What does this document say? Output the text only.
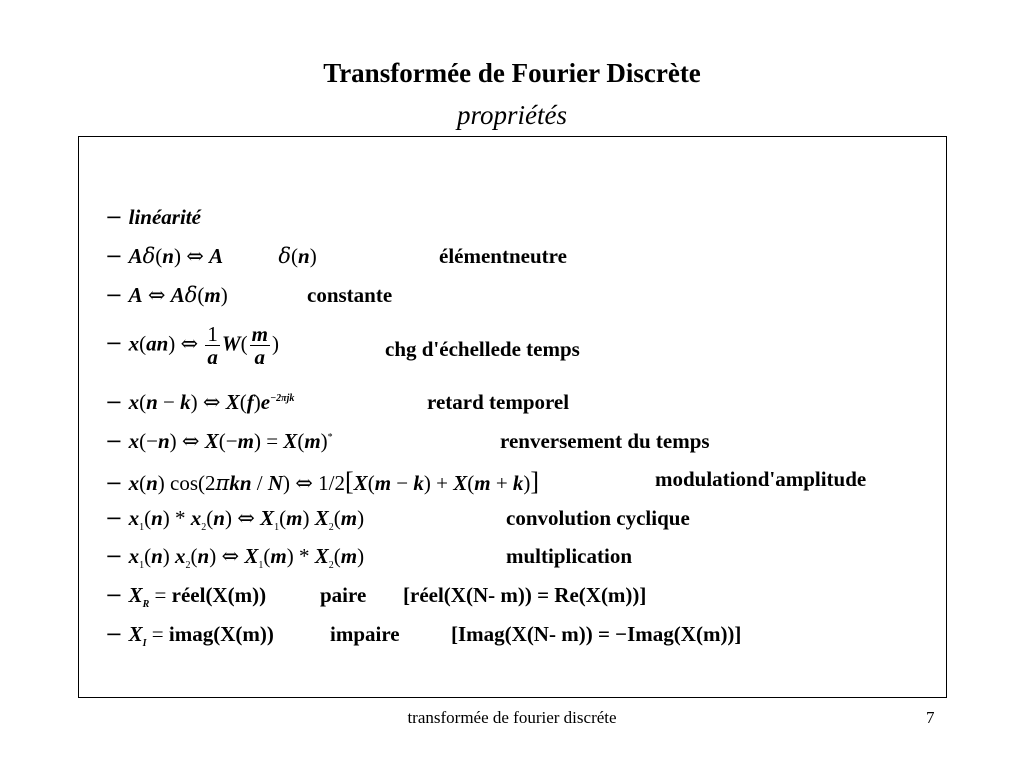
Transformée de Fourier Discrète
propriétés
− linéarité
− Aδ(n) ⇔ A	δ(n)	élémentneutre
− A ⇔ Aδ(m)	constante
− x(an) ⇔ $\frac{1}{a} W( \frac{m}{a}$ )	chg d'échellede temps
− x(n − k) ⇔ $X(f)e^{-2\pi jk}$	retard temporel
− x(−n) ⇔ X(−m) = X(m)*	renversement du temps
− x(n) cos(2πkn / N) ⇔ 1/2[X(m − k) + X(m + k)]	modulationd'amplitude
− $x_1(n) * x_2(n)$ ⇔ $X_1(m)$ $X_2(m)$	convolution cyclique
− $x_1(n)$ $x_2(n)$ ⇔ $X_1(m) * X_2(m)$	multiplication
− $X_R$ = réel(X(m))	paire [réel(X(N- m)) = Re(X(m))]
− $X_I$ = imag(X(m))	impaire [Imag(X(N- m)) = −Imag(X(m))]
transformée de fourier discréte	7
